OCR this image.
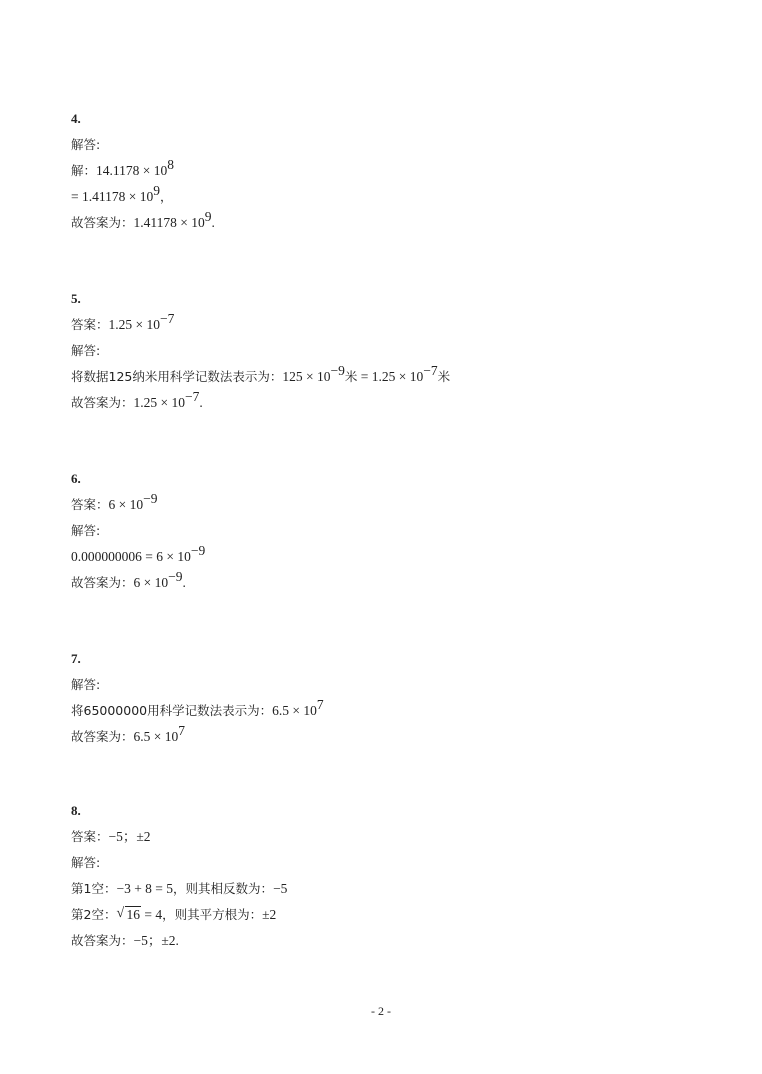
4.
解答:
解：$14.1178 \times 10^8$
= $1.41178 \times 10^9$，
故答案为：$1.41178 \times 10^9$.
5.
答案：$1.25 \times 10^{-7}$
解答:
将数据125纳米用科学记数法表示为：$125 \times 10^{-9}$米 = $1.25 \times 10^{-7}$米
故答案为：$1.25 \times 10^{-7}$.
6.
答案：$6 \times 10^{-9}$
解答:
$0.000000006 = 6 \times 10^{-9}$
故答案为：$6 \times 10^{-9}$.
7.
解答:
将65000000用科学记数法表示为：$6.5 \times 10^7$
故答案为：$6.5 \times 10^7$
8.
答案：−5；±2
解答:
第1空：−3 + 8 = 5，则其相反数为：−5
第2空： √ 16 = 4，则其平方根为：±2
故答案为：−5；±2.
- 2 -
